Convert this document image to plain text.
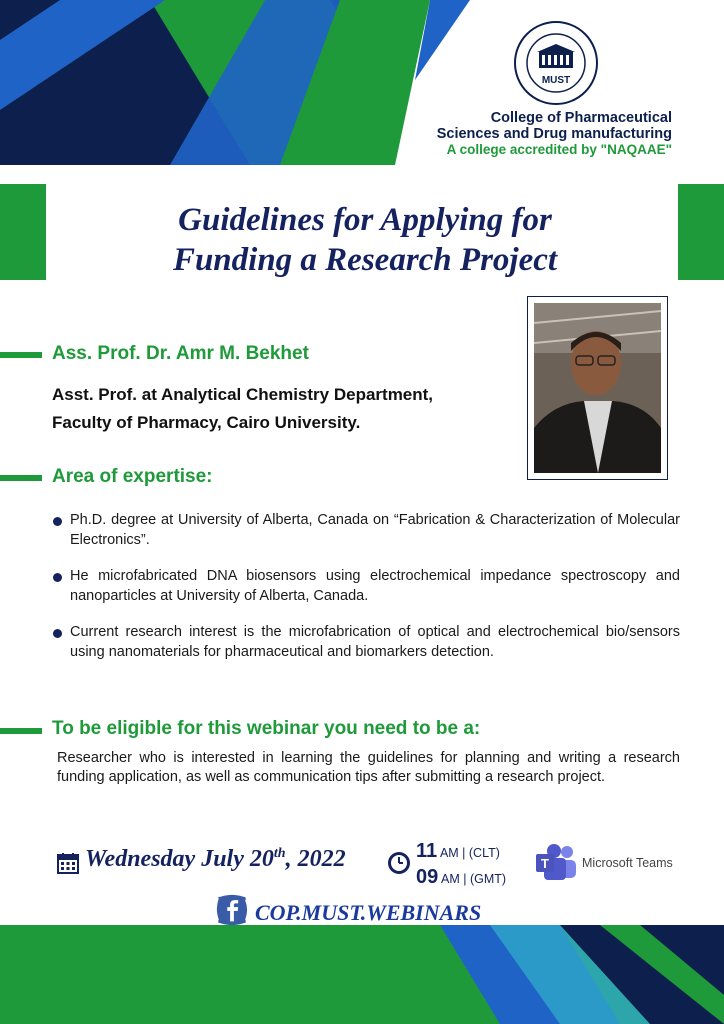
MUST
College of Pharmaceutical
Sciences and Drug manufacturing
A college accredited by "NAQAAE"
Guidelines for Applying for
Funding a Research Project
Ass. Prof. Dr. Amr M. Bekhet
Asst. Prof. at Analytical Chemistry Department,
Faculty of Pharmacy, Cairo University.
Area of expertise:
Ph.D. degree at University of Alberta, Canada on “Fabrication & Characterization of Molecular Electronics”.
He microfabricated DNA biosensors using electrochemical impedance spectroscopy and nanoparticles at University of Alberta, Canada.
Current research interest is the microfabrication of optical and electrochemical bio/sensors using nanomaterials for pharmaceutical and biomarkers detection.
To be eligible for this webinar you need to be a:
Researcher who is interested in learning the guidelines for planning and writing a research funding application, as well as communication tips after submitting a research project.
Wednesday July 20th, 2022	11 AM | (CLT)
09 AM | (GMT)
T	Microsoft Teams
COP.MUST.WEBINARS
